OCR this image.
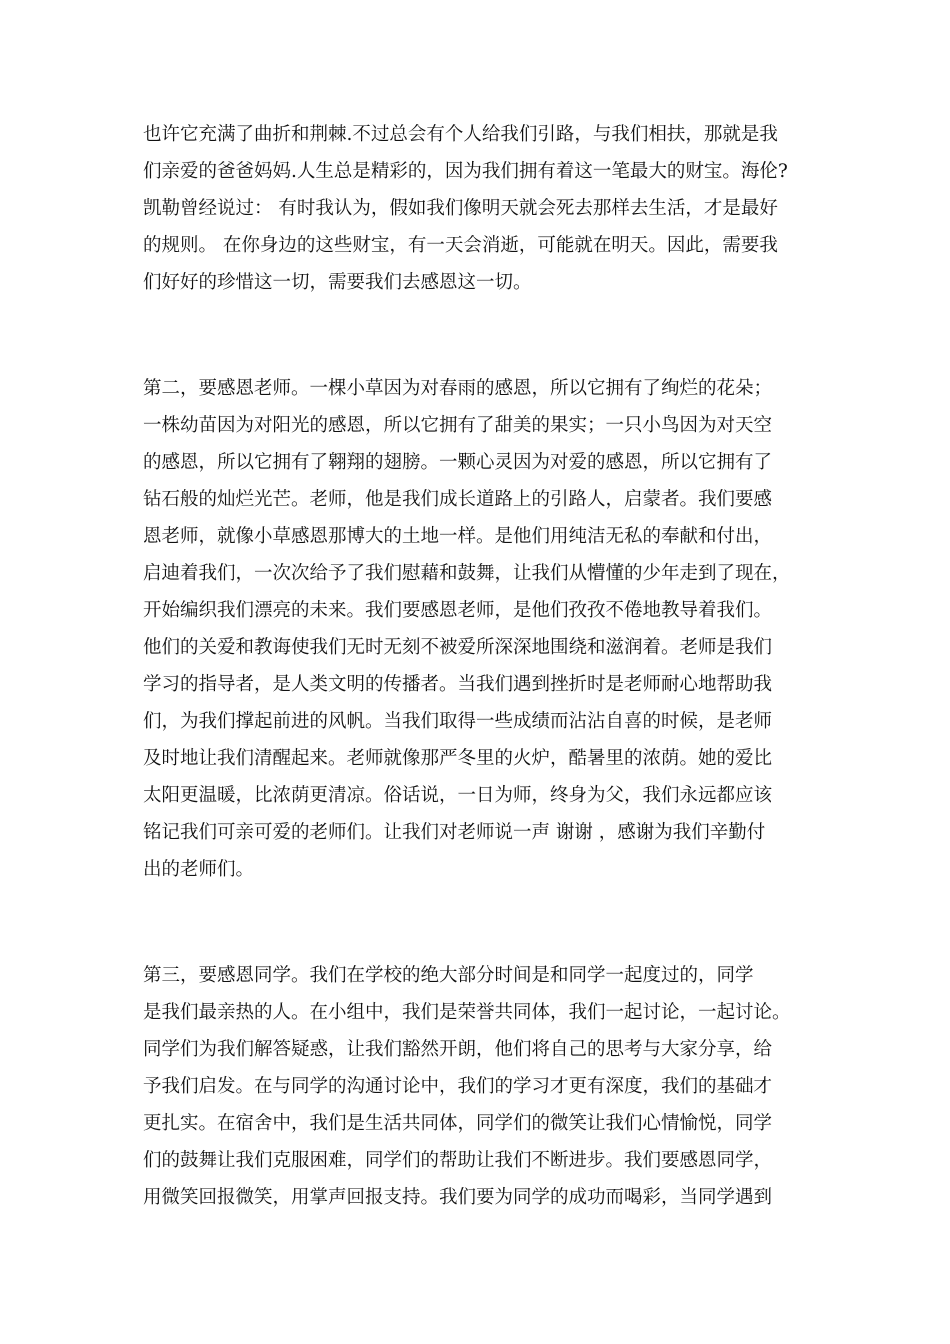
也许它充满了曲折和荆棘.不过总会有个人给我们引路，与我们相扶，那就是我

们亲爱的爸爸妈妈.人生总是精彩的，因为我们拥有着这一笔最大的财宝。海伦?

凯勒曾经说过： 有时我认为，假如我们像明天就会死去那样去生活，才是最好

的规则。 在你身边的这些财宝，有一天会消逝，可能就在明天。因此，需要我

们好好的珍惜这一切，需要我们去感恩这一切。

第二，要感恩老师。一棵小草因为对春雨的感恩，所以它拥有了绚烂的花朵；

一株幼苗因为对阳光的感恩，所以它拥有了甜美的果实；一只小鸟因为对天空

的感恩，所以它拥有了翱翔的翅膀。一颗心灵因为对爱的感恩，所以它拥有了

钻石般的灿烂光芒。老师，他是我们成长道路上的引路人，启蒙者。我们要感

恩老师，就像小草感恩那博大的土地一样。是他们用纯洁无私的奉献和付出，

启迪着我们，一次次给予了我们慰藉和鼓舞，让我们从懵懂的少年走到了现在，

开始编织我们漂亮的未来。我们要感恩老师，是他们孜孜不倦地教导着我们。

他们的关爱和教诲使我们无时无刻不被爱所深深地围绕和滋润着。老师是我们

学习的指导者，是人类文明的传播者。当我们遇到挫折时是老师耐心地帮助我

们，为我们撑起前进的风帆。当我们取得一些成绩而沾沾自喜的时候，是老师

及时地让我们清醒起来。老师就像那严冬里的火炉，酷暑里的浓荫。她的爱比

太阳更温暖，比浓荫更清凉。俗话说，一日为师，终身为父，我们永远都应该

铭记我们可亲可爱的老师们。让我们对老师说一声 谢谢 ，感谢为我们辛勤付

出的老师们。

第三，要感恩同学。我们在学校的绝大部分时间是和同学一起度过的，同学

是我们最亲热的人。在小组中，我们是荣誉共同体，我们一起讨论，一起讨论。

同学们为我们解答疑惑，让我们豁然开朗，他们将自己的思考与大家分享，给

予我们启发。在与同学的沟通讨论中，我们的学习才更有深度，我们的基础才

更扎实。在宿舍中，我们是生活共同体，同学们的微笑让我们心情愉悦，同学

们的鼓舞让我们克服困难，同学们的帮助让我们不断进步。我们要感恩同学，

用微笑回报微笑，用掌声回报支持。我们要为同学的成功而喝彩，当同学遇到
